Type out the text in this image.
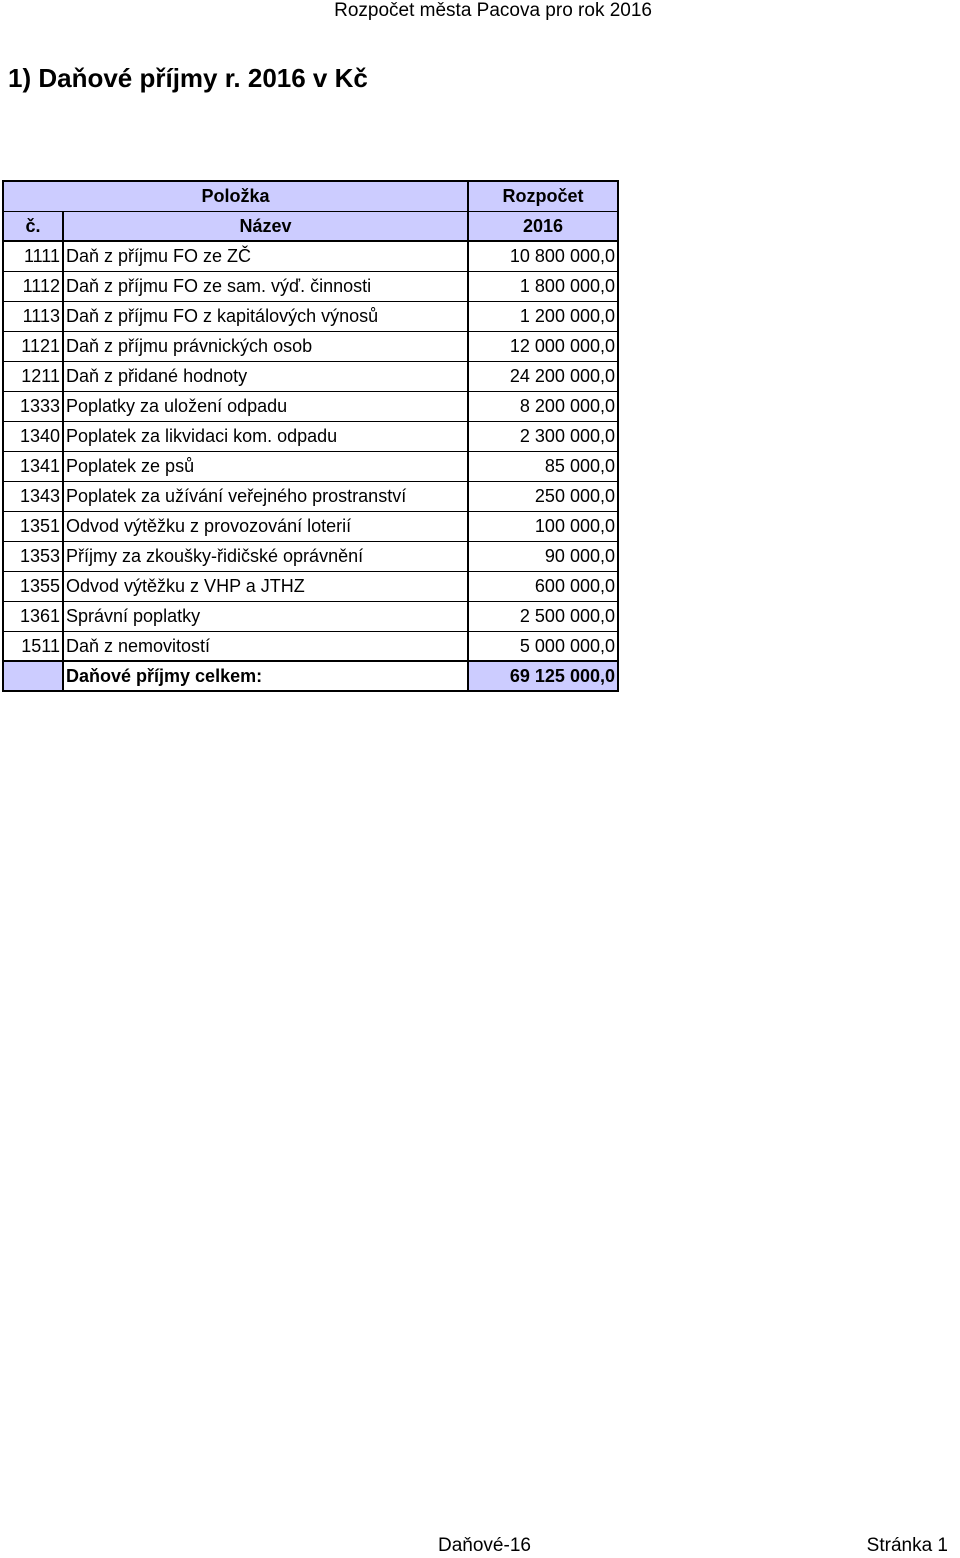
Rozpočet města Pacova pro rok 2016
1) Daňové příjmy r. 2016 v Kč
Položka		Rozpočet
č.	Název	2016
1111	Daň z příjmu FO ze ZČ	10 800 000,0
1112	Daň z příjmu FO ze sam. výď. činnosti	1 800 000,0
1113	Daň z příjmu FO z kapitálových výnosů	1 200 000,0
1121	Daň z příjmu právnických osob	12 000 000,0
1211	Daň z přidané hodnoty	24 200 000,0
1333	Poplatky za uložení odpadu	8 200 000,0
1340	Poplatek za likvidaci kom. odpadu	2 300 000,0
1341	Poplatek ze psů	85 000,0
1343	Poplatek za užívání veřejného prostranství	250 000,0
1351	Odvod výtěžku z provozování loterií	100 000,0
1353	Příjmy za zkoušky-řidičské oprávnění	90 000,0
1355	Odvod výtěžku z VHP a JTHZ	600 000,0
1361	Správní poplatky	2 500 000,0
1511	Daň z nemovitostí	5 000 000,0
	Daňové příjmy celkem:	69 125 000,0
Daňové-16	Stránka 1
